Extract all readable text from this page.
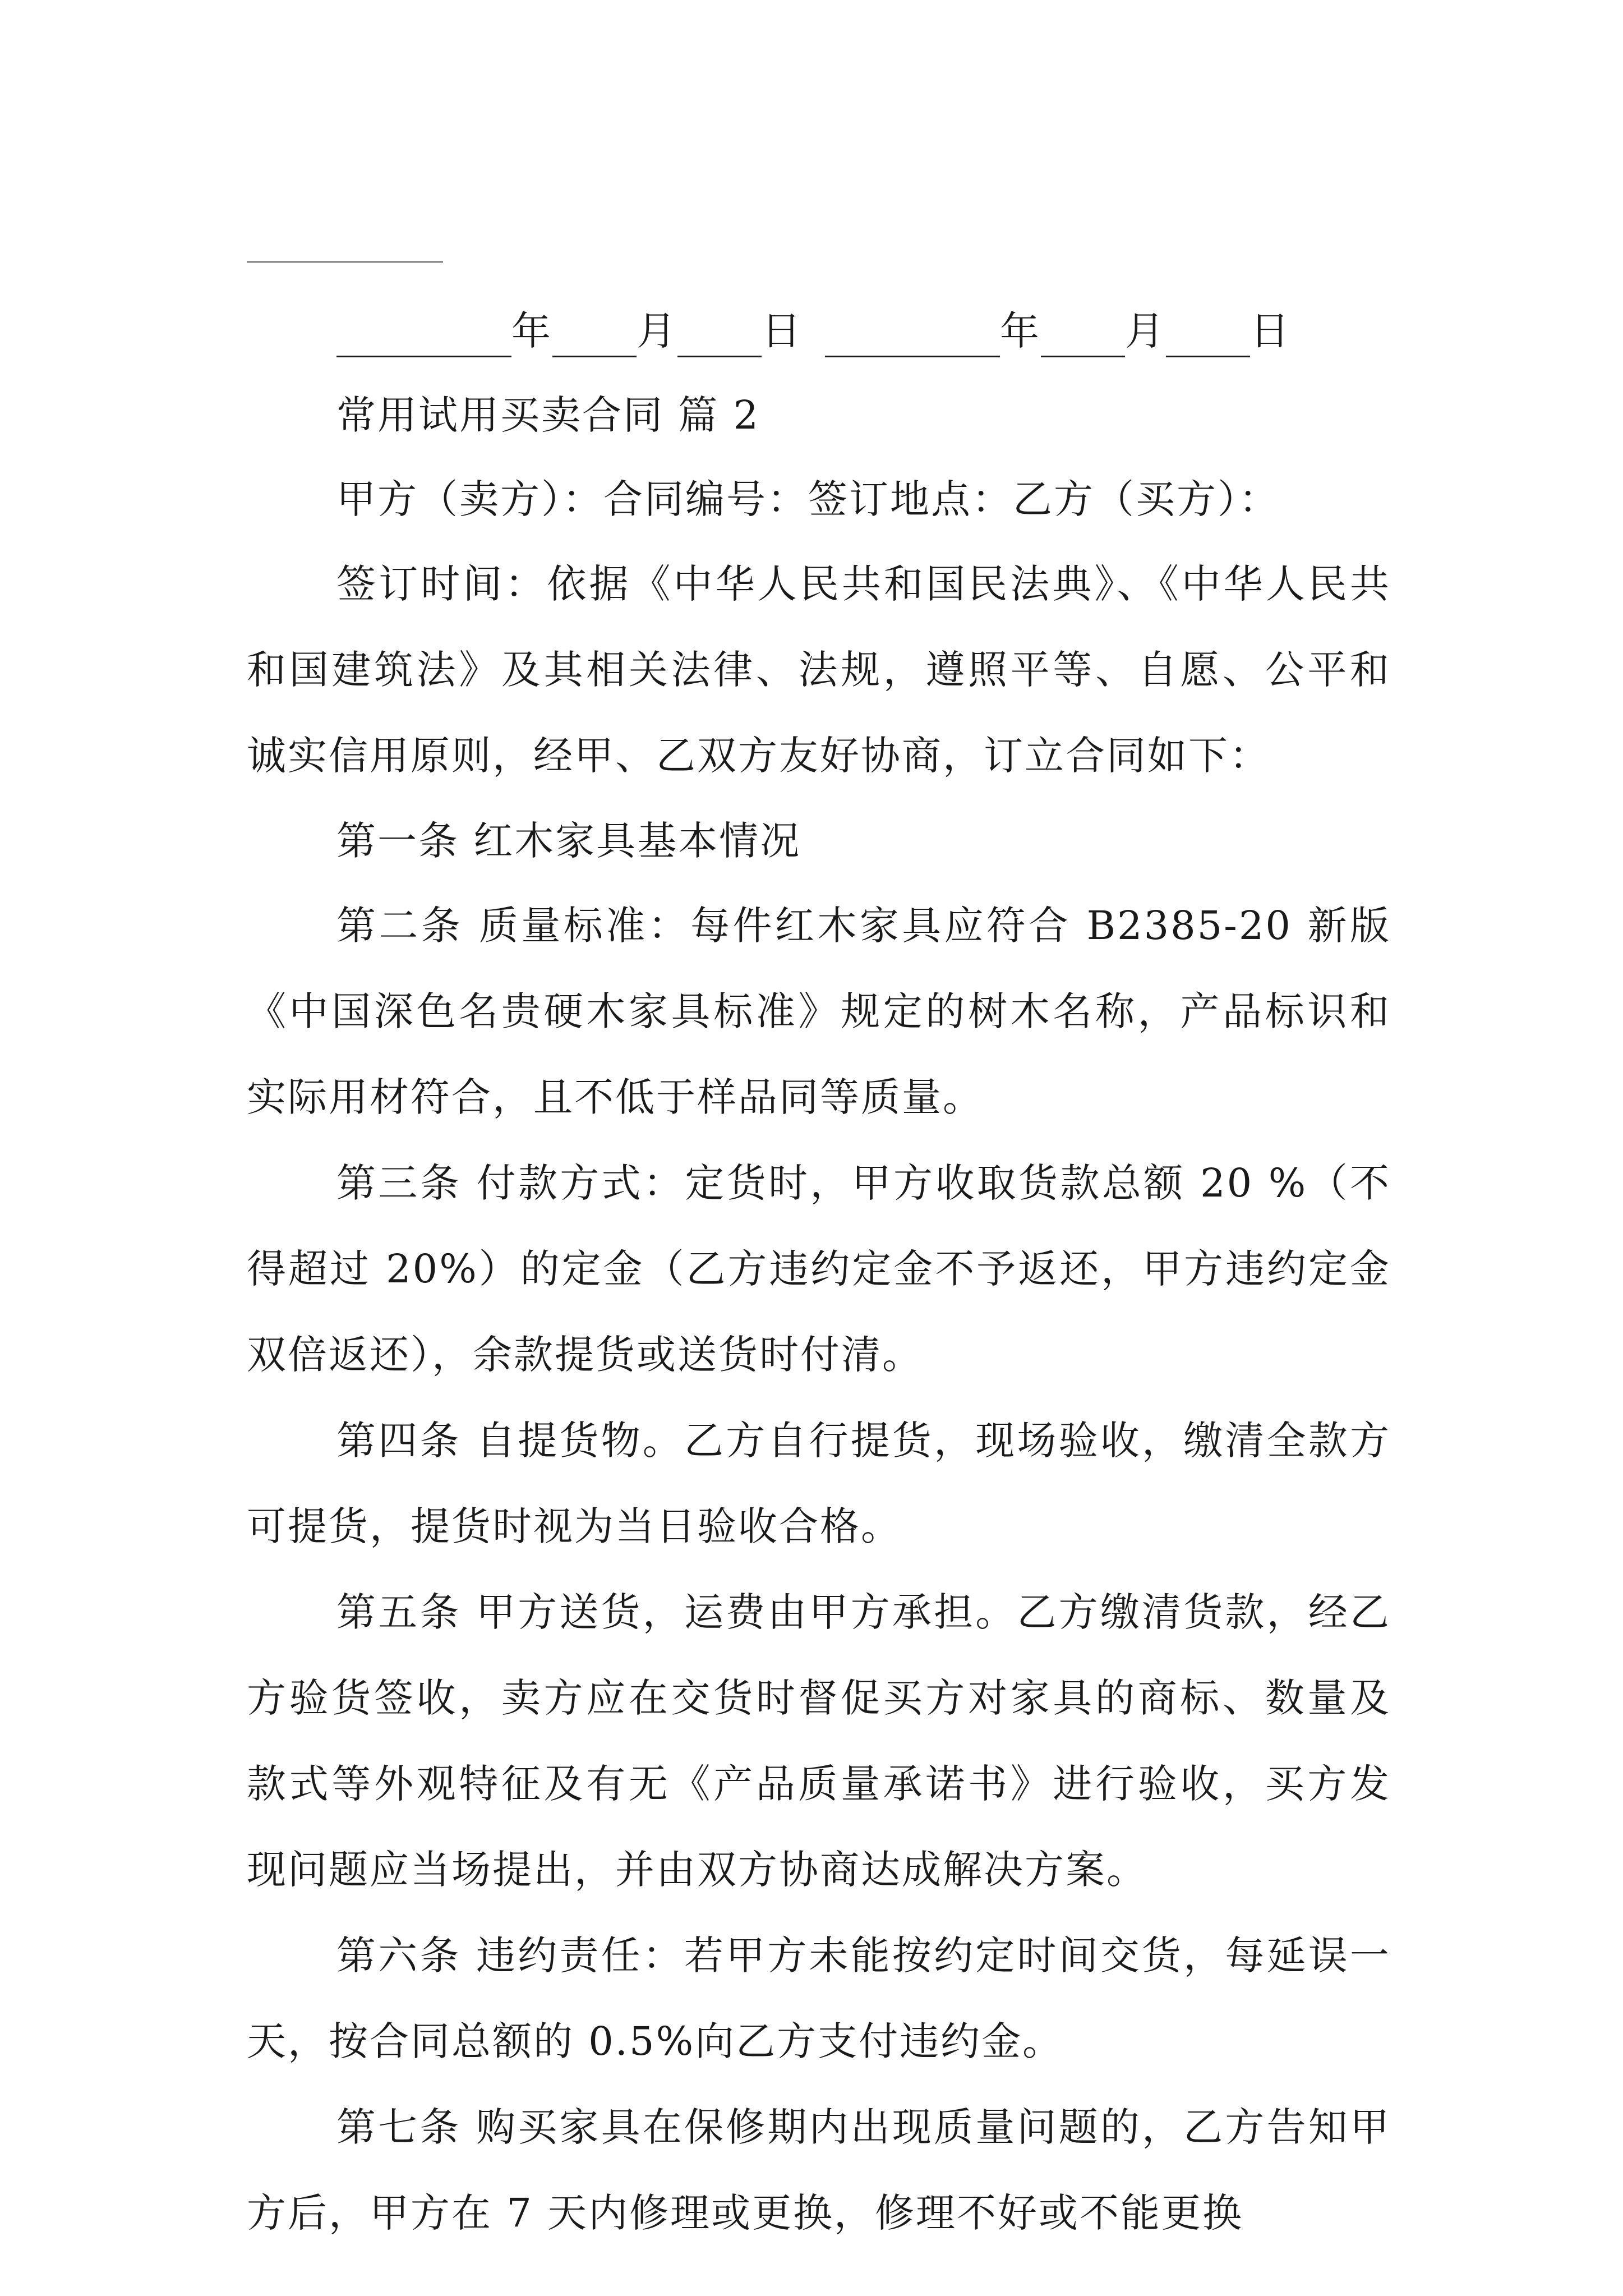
年 月 日	年 月 日

常用试用买卖合同 篇 2

甲方（卖方）：合同编号：签订地点：乙方（买方）：

签订时间：依据《中华人民共和国民法典》、《中华人民共和国建筑法》及其相关法律、法规，遵照平等、自愿、公平和诚实信用原则，经甲、乙双方友好协商，订立合同如下：

第一条 红木家具基本情况

第二条 质量标准：每件红木家具应符合 B2385-20 新版《中国深色名贵硬木家具标准》规定的树木名称，产品标识和实际用材符合，且不低于样品同等质量。

第三条 付款方式：定货时，甲方收取货款总额 20 %（不得超过 20%）的定金（乙方违约定金不予返还，甲方违约定金双倍返还），余款提货或送货时付清。

第四条 自提货物。乙方自行提货，现场验收，缴清全款方可提货，提货时视为当日验收合格。

第五条 甲方送货，运费由甲方承担。乙方缴清货款，经乙方验货签收，卖方应在交货时督促买方对家具的商标、数量及款式等外观特征及有无《产品质量承诺书》进行验收，买方发现问题应当场提出，并由双方协商达成解决方案。

第六条 违约责任：若甲方未能按约定时间交货，每延误一天，按合同总额的 0.5%向乙方支付违约金。

第七条 购买家具在保修期内出现质量问题的，乙方告知甲方后，甲方在 7 天内修理或更换，修理不好或不能更换
